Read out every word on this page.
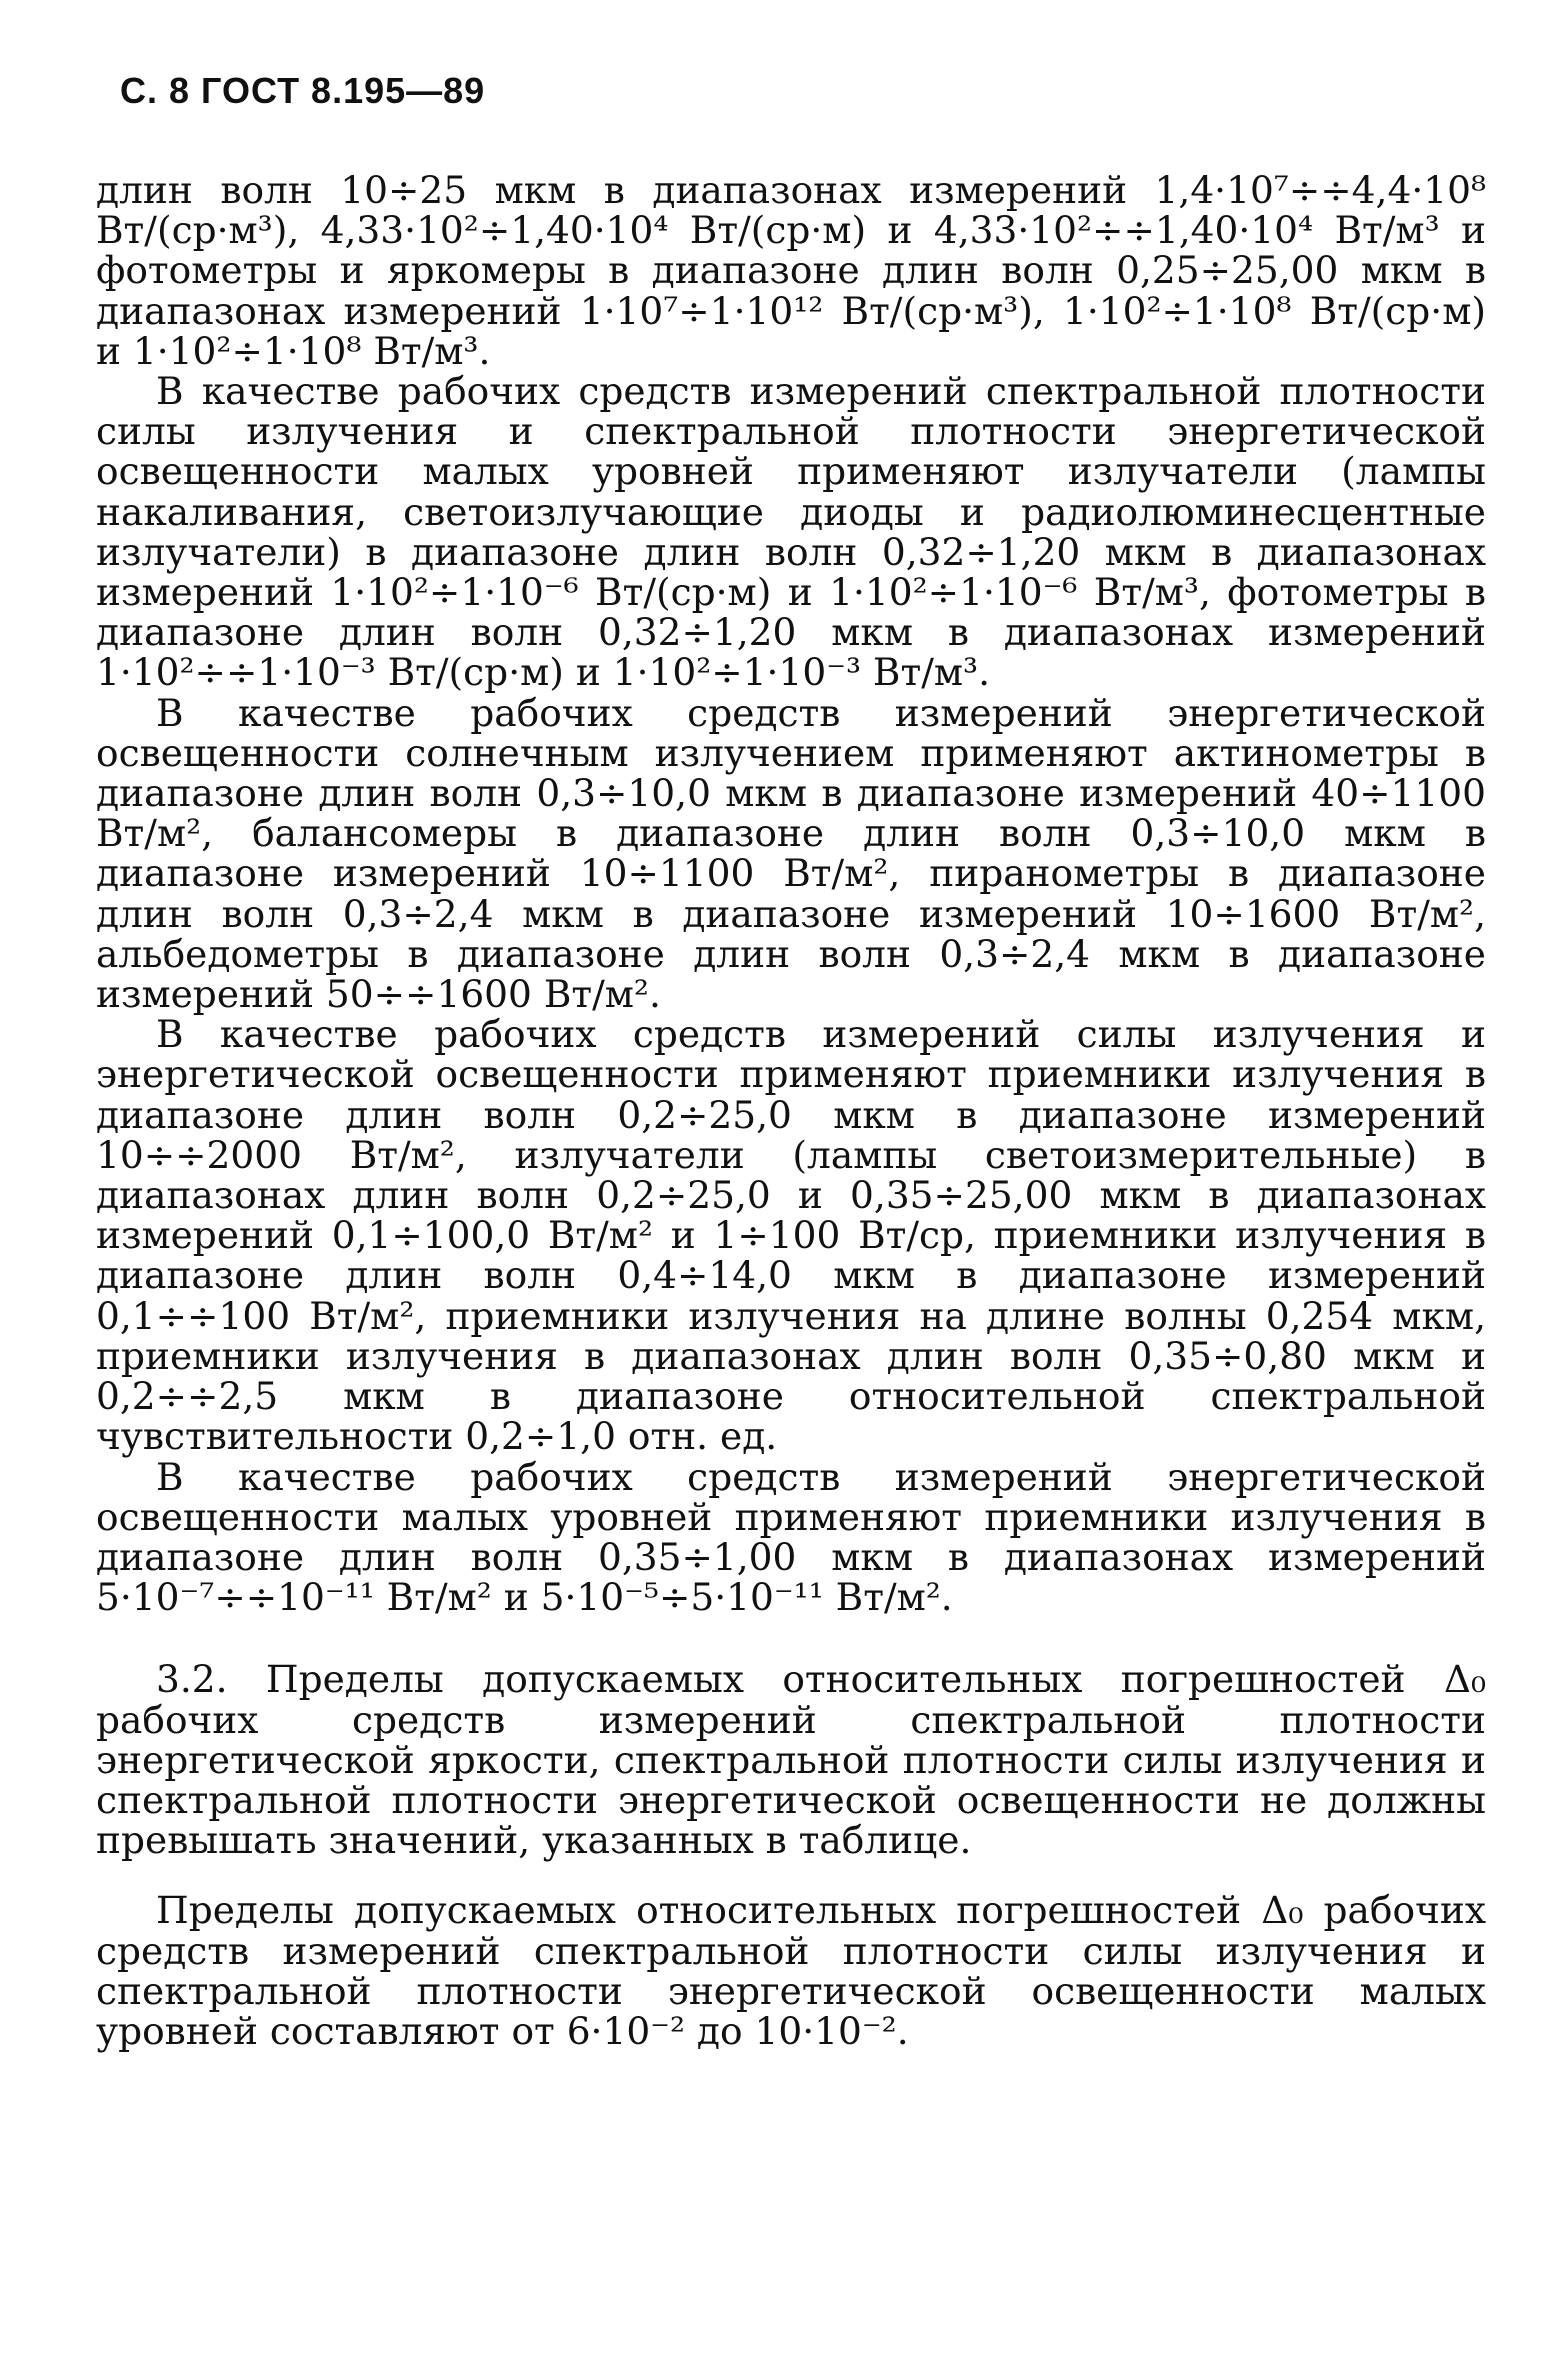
С. 8 ГОСТ 8.195—89

длин волн 10÷25 мкм в диапазонах измерений 1,4·10⁷÷÷4,4·10⁸ Вт/(ср·м³), 4,33·10²÷1,40·10⁴ Вт/(ср·м) и 4,33·10²÷÷1,40·10⁴ Вт/м³ и фотометры и яркомеры в диапазоне длин волн 0,25÷25,00 мкм в диапазонах измерений 1·10⁷÷1·10¹² Вт/(ср·м³), 1·10²÷1·10⁸ Вт/(ср·м) и 1·10²÷1·10⁸ Вт/м³.

В качестве рабочих средств измерений спектральной плотности силы излучения и спектральной плотности энергетической освещенности малых уровней применяют излучатели (лампы накаливания, светоизлучающие диоды и радиолюминесцентные излучатели) в диапазоне длин волн 0,32÷1,20 мкм в диапазонах измерений 1·10²÷1·10⁻⁶ Вт/(ср·м) и 1·10²÷1·10⁻⁶ Вт/м³, фотометры в диапазоне длин волн 0,32÷1,20 мкм в диапазонах измерений 1·10²÷÷1·10⁻³ Вт/(ср·м) и 1·10²÷1·10⁻³ Вт/м³.

В качестве рабочих средств измерений энергетической освещенности солнечным излучением применяют актинометры в диапазоне длин волн 0,3÷10,0 мкм в диапазоне измерений 40÷1100 Вт/м², балансомеры в диапазоне длин волн 0,3÷10,0 мкм в диапазоне измерений 10÷1100 Вт/м², пиранометры в диапазоне длин волн 0,3÷2,4 мкм в диапазоне измерений 10÷1600 Вт/м², альбедометры в диапазоне длин волн 0,3÷2,4 мкм в диапазоне измерений 50÷÷1600 Вт/м².

В качестве рабочих средств измерений силы излучения и энергетической освещенности применяют приемники излучения в диапазоне длин волн 0,2÷25,0 мкм в диапазоне измерений 10÷÷2000 Вт/м², излучатели (лампы светоизмерительные) в диапазонах длин волн 0,2÷25,0 и 0,35÷25,00 мкм в диапазонах измерений 0,1÷100,0 Вт/м² и 1÷100 Вт/ср, приемники излучения в диапазоне длин волн 0,4÷14,0 мкм в диапазоне измерений 0,1÷÷100 Вт/м², приемники излучения на длине волны 0,254 мкм, приемники излучения в диапазонах длин волн 0,35÷0,80 мкм и 0,2÷÷2,5 мкм в диапазоне относительной спектральной чувствительности 0,2÷1,0 отн. ед.

В качестве рабочих средств измерений энергетической освещенности малых уровней применяют приемники излучения в диапазоне длин волн 0,35÷1,00 мкм в диапазонах измерений 5·10⁻⁷÷÷10⁻¹¹ Вт/м² и 5·10⁻⁵÷5·10⁻¹¹ Вт/м².

3.2. Пределы допускаемых относительных погрешностей Δ₀ рабочих средств измерений спектральной плотности энергетической яркости, спектральной плотности силы излучения и спектральной плотности энергетической освещенности не должны превышать значений, указанных в таблице.

Пределы допускаемых относительных погрешностей Δ₀ рабочих средств измерений спектральной плотности силы излучения и спектральной плотности энергетической освещенности малых уровней составляют от 6·10⁻² до 10·10⁻².
